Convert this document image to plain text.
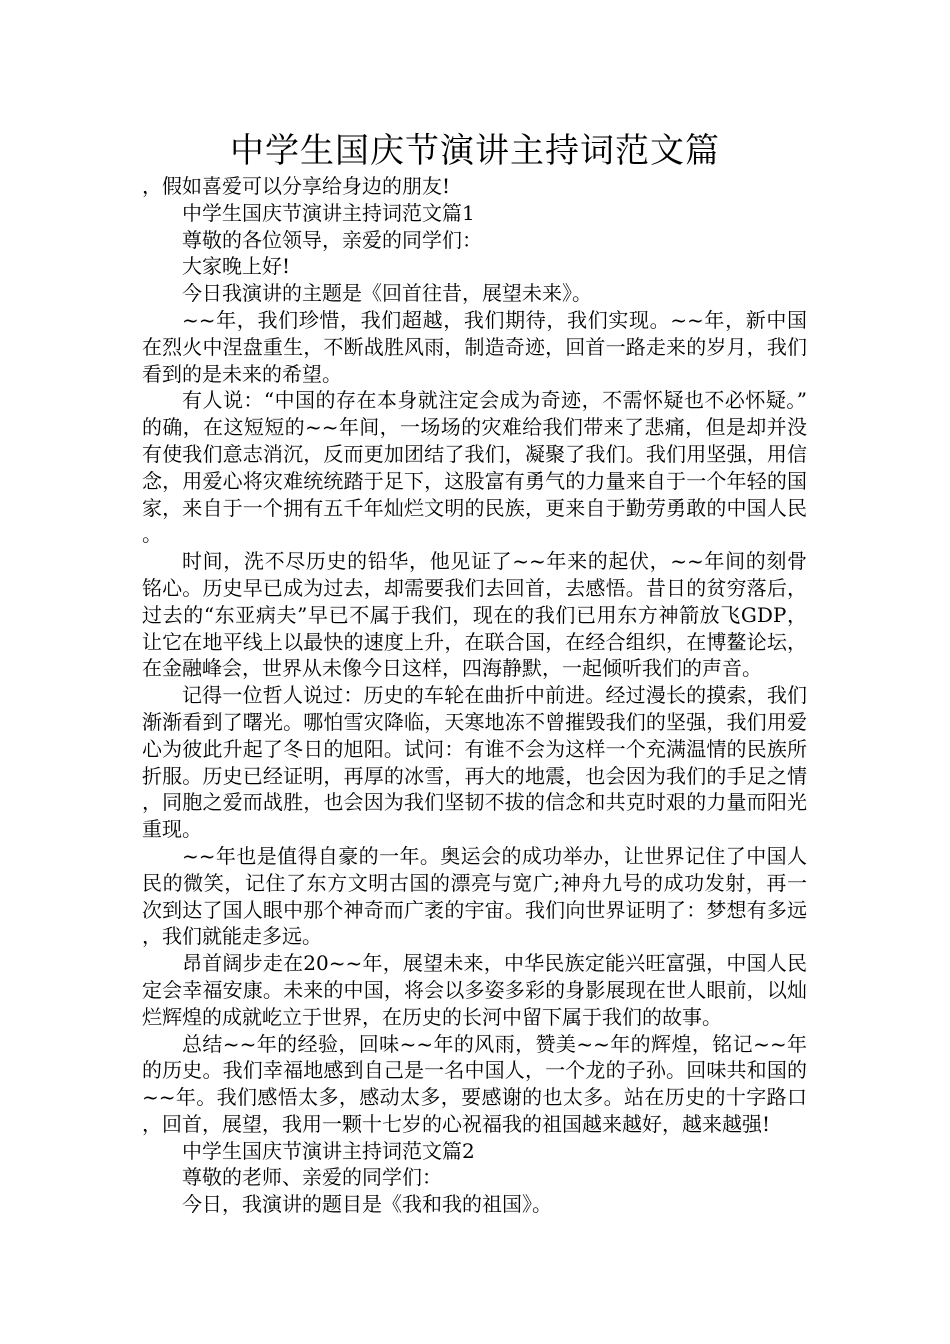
中学生国庆节演讲主持词范文篇

，假如喜爱可以分享给身边的朋友!

中学生国庆节演讲主持词范文篇1

尊敬的各位领导，亲爱的同学们：

大家晚上好!

今日我演讲的主题是《回首往昔，展望未来》。

~~年，我们珍惜，我们超越，我们期待，我们实现。~~年，新中国在烈火中涅盘重生，不断战胜风雨，制造奇迹，回首一路走来的岁月，我们看到的是未来的希望。

有人说：“中国的存在本身就注定会成为奇迹，不需怀疑也不必怀疑。”的确，在这短短的~~年间，一场场的灾难给我们带来了悲痛，但是却并没有使我们意志消沉，反而更加团结了我们，凝聚了我们。我们用坚强，用信念，用爱心将灾难统统踏于足下，这股富有勇气的力量来自于一个年轻的国家，来自于一个拥有五千年灿烂文明的民族，更来自于勤劳勇敢的中国人民。

时间，洗不尽历史的铅华，他见证了~~年来的起伏，~~年间的刻骨铭心。历史早已成为过去，却需要我们去回首，去感悟。昔日的贫穷落后，过去的“东亚病夫”早已不属于我们，现在的我们已用东方神箭放飞GDP，让它在地平线上以最快的速度上升，在联合国，在经合组织，在博鳌论坛，在金融峰会，世界从未像今日这样，四海静默，一起倾听我们的声音。

记得一位哲人说过：历史的车轮在曲折中前进。经过漫长的摸索，我们渐渐看到了曙光。哪怕雪灾降临，天寒地冻不曾摧毁我们的坚强，我们用爱心为彼此升起了冬日的旭阳。试问：有谁不会为这样一个充满温情的民族所折服。历史已经证明，再厚的冰雪，再大的地震，也会因为我们的手足之情，同胞之爱而战胜，也会因为我们坚韧不拔的信念和共克时艰的力量而阳光重现。

~~年也是值得自豪的一年。奥运会的成功举办，让世界记住了中国人民的微笑，记住了东方文明古国的漂亮与宽广;神舟九号的成功发射，再一次到达了国人眼中那个神奇而广袤的宇宙。我们向世界证明了：梦想有多远，我们就能走多远。

昂首阔步走在20~~年，展望未来，中华民族定能兴旺富强，中国人民定会幸福安康。未来的中国，将会以多姿多彩的身影展现在世人眼前，以灿烂辉煌的成就屹立于世界，在历史的长河中留下属于我们的故事。

总结~~年的经验，回味~~年的风雨，赞美~~年的辉煌，铭记~~年的历史。我们幸福地感到自己是一名中国人，一个龙的子孙。回味共和国的~~年。我们感悟太多，感动太多，要感谢的也太多。站在历史的十字路口，回首，展望，我用一颗十七岁的心祝福我的祖国越来越好，越来越强!

中学生国庆节演讲主持词范文篇2

尊敬的老师、亲爱的同学们：

今日，我演讲的题目是《我和我的祖国》。
